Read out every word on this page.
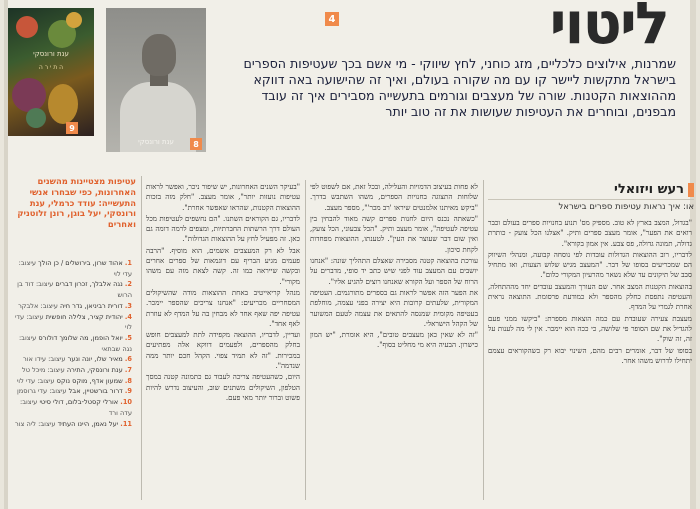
ליטוי
4
ענת ורונסקי
ה ת י ר ה
9
ענת ורונסקי	8

שמרנות, אילוצים כלכליים, מזג כוחני, לחץ שיווקי - מי אשם בכך שעטיפות הספרים בישראל מתקשות ליישר קו עם מה שקורה בעולם, ואיך זה שהישועה באה דווקא מההוצאות הקטנות. שורה של מעצבים וגורמים בתעשייה מסבירים איך זה עובד מבפנים, ובוחרים את העטיפות שעושות את זה טוב יותר

רעש ויזואלי
או: איך נראות עטיפות ספרים בישראל

"בגדול, המצב בארץ לא טוב. מספיק מס' תנוע בחנויות ספרים בעולם וכבר רואים את הפער", אומר מעצב ספרים ותיק. "אצלנו הכל צועק - כותרת גדולה, תמונה גדולה, פס צבע. אין אמון בקורא".

לדבריו, רוב ההוצאות הגדולות עובדות לפי נוסחה קבועה, ומנהלי השיווק הם שמכריעים בסופו של דבר. "המעצב מגיש שלוש הצעות, ואז מתחיל סבב של תיקונים עד שלא נשאר מהרעיון המקורי כלום".

בהוצאות הקטנות המצב אחר. שם העורך והמעצב עובדים יחד מההתחלה, והעטיפה נתפסת כחלק מהספר ולא כמודעת פרסומת. התוצאה נראית אחרת לגמרי על המדף.

מעצבת צעירה שעובדת עם כמה הוצאות מספרת: "ביקשו ממני פעם להגדיל את שם הסופר פי שלושה, כי ככה הוא יימכר. אין לי מה לענות על זה, זה שוק".

בסופו של דבר, אומרים רבים מהם, השינוי יבוא רק כשהקוראים עצמם יתחילו לדרוש משהו אחר.

לא פחות בעיצוב הדמויות והעלילה, ובכל זאת, אם לשפוט לפי שלוחות התצוגה בחנויות הספרים, משהו השתבש בדרך. "ביקש מאיתנו אלמנטים שיראו 'רב מכר'", מספר מעצב.

"כשאתה נכנס היום לחנות ספרים קשה מאוד להבחין בין עטיפה לעטיפה", אומר מעצב ותיק. "הכל צבעוני, הכל צועק, ואין שום דבר שעוצר את העין". לטענתו, ההוצאות מפחדות לקחת סיכון.

עורכת בהוצאה קטנה מסבירה שאצלם התהליך שונה: "אנחנו יושבים עם המעצב עוד לפני שיש כתב יד סופי, מדברים על הרוח של הספר ועל הקורא שאנחנו רוצים להגיע אליו".

את הפער הזה אפשר לראות גם בספרים מתורגמים. העטיפה המקורית, שלעתים קרובות היא יצירה בפני עצמה, מוחלפת בעטיפה מקומית שמנסה להתאים את עצמה לטעם המשוער של הקהל הישראלי.

"זה לא שאין כאן מעצבים טובים", היא אומרת, "יש המון כישרון. הבעיה היא מי מחליט בסוף".

"בעיקר השנים האחרונות, יש שיפור ניכר, ואפשר לראות עטיפות נועזות יותר", אומר מעצב. "חלק מזה בזכות ההוצאות הקטנות, שהראו שאפשר אחרת".

לדבריו, גם הקוראים השתנו. "הם נחשפים לעטיפות מכל העולם דרך הרשתות החברתיות, ומצפים לרמה דומה גם כאן. זה מפעיל לחץ על ההוצאות הגדולות".

אבל לא רק המעצבים אשמים, הוא מוסיף. "הרבה פעמים מגיע הבריף עם דוגמאות של ספרים אחרים ובקשה שייראה כמו זה. קשה לצאת מזה עם משהו מקורי".

מנהל קריאייטיב באחת ההוצאות מודה שהשיקולים המסחריים מכריעים: "אנחנו צריכים שהספר יימכר. עטיפה יפה שאף אחד לא מבחין בה על המדף לא עוזרת לאף אחד".

ועדיין, לדבריו, ההוצאה מקפידה לתת למעצבים חופש בחלק מהספרים, ולפעמים דווקא אלה מפתיעים במכירות. "זה לא תמיד צפוי. הקהל חכם יותר ממה שנדמה".

היום, כשהעטיפה צריכה לעבוד גם כתמונה קטנה במסך הטלפון, השיקולים משתנים שוב, והעיצוב נדרש להיות פשוט וברור יותר מאי פעם.

עטיפות מצטיינות מהשנים האחרונות, כפי שבחרו אנשי התעשייה: עודד כרמלי, ענת ורונסקי, יעל בוגן, רונן זלוטניק ואחרים
1. אהוד שרון, בירושלים / כן הולך עיצוב: עדי לוי
2. נגה אלבלך, זכרון דברים עיצוב: דוד בן הרוש
3. דורית רביניאן, גדר חיה עיצוב: אלבקר
4. יהודית קציר, צלילה חופשית עיצוב: עדי לוי
5. יואל הופמן, מה שלומך דולורס עיצוב: נגה שבתאי
6. מאיר שלו, יונה ונער עיצוב: עידו אור
7. ענת ורונסקי, התירה עיצוב: מיכל טל
8. שמעון אדף, מוקס נוקס עיצוב: עדי לוי
9. דרור בורשטיין, אבל עיצוב: עדי גרוסמן
10. אורלי קסטל-בלום, דולי סיטי עיצוב: עדה ורד
11. יעל נאמן, היינו העתיד עיצוב: ליה צור
